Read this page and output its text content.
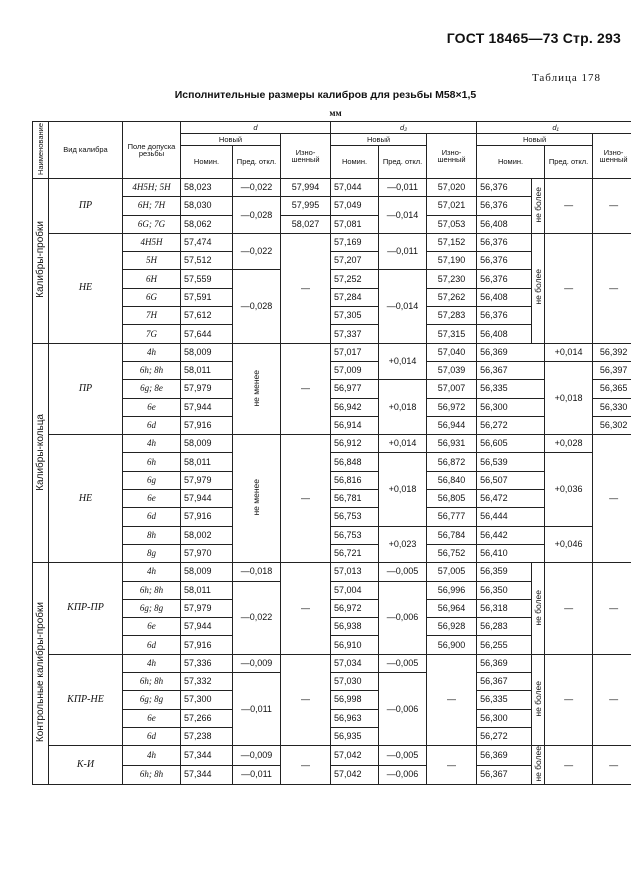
ГОСТ 18465—73 Стр. 293
Таблица 178
Исполнительные размеры калибров для резьбы M58×1,5
мм
Наименование	Вид калибра	Поле допуска резьбы	d			d₂			d₁			
			Новый		Изно-шенный	Новый		Изно-шенный	Новый			Изно-шенный
			Номин.	Пред. откл.		Номин.	Пред. откл.		Номин.		Пред. откл.	
Калибры-пробки	ПР	4H5H; 5H	58,023	—0,022	57,994	57,044	—0,011	57,020	56,376	не более	—	—
		6H; 7H	58,030	—0,028	57,995	57,049	—0,014	57,021	56,376			
		6G; 7G	58,062		58,027	57,081		57,053	56,408			
	НЕ	4H5H	57,474	—0,022	—	57,169	—0,011	57,152	56,376	не более	—	—
		5H	57,512			57,207		57,190	56,376			
		6H	57,559	—0,028		57,252	—0,014	57,230	56,376			
		6G	57,591			57,284		57,262	56,408			
		7H	57,612			57,305		57,283	56,376			
		7G	57,644			57,337		57,315	56,408			
Калибры-кольца	ПР	4h	58,009	не менее	—	57,017	+0,014	57,040	56,369		+0,014	56,392
		6h; 8h	58,011			57,009		57,039	56,367		+0,018	56,397
		6g; 8e	57,979			56,977	+0,018	57,007	56,335			56,365
		6e	57,944			56,942		56,972	56,300			56,330
		6d	57,916			56,914		56,944	56,272			56,302
	НЕ	4h	58,009	не менее	—	56,912	+0,014	56,931	56,605		+0,028	—
		6h	58,011			56,848	+0,018	56,872	56,539		+0,036	
		6g	57,979			56,816		56,840	56,507			
		6e	57,944			56,781		56,805	56,472			
		6d	57,916			56,753		56,777	56,444			
		8h	58,002			56,753	+0,023	56,784	56,442		+0,046	
		8g	57,970			56,721		56,752	56,410			
Контрольные калибры-пробки	КПР-ПР	4h	58,009	—0,018	—	57,013	—0,005	57,005	56,359	не более	—	—
		6h; 8h	58,011	—0,022		57,004	—0,006	56,996	56,350			
		6g; 8g	57,979			56,972		56,964	56,318			
		6e	57,944			56,938		56,928	56,283			
		6d	57,916			56,910		56,900	56,255			
	КПР-НЕ	4h	57,336	—0,009	—	57,034	—0,005	—	56,369	не более	—	—
		6h; 8h	57,332	—0,011		57,030	—0,006		56,367			
		6g; 8g	57,300			56,998			56,335			
		6e	57,266			56,963			56,300			
		6d	57,238			56,935			56,272			
	К-И	4h	57,344	—0,009	—	57,042	—0,005	—	56,369	не более	—	—
		6h; 8h	57,344	—0,011		57,042	—0,006		56,367			
